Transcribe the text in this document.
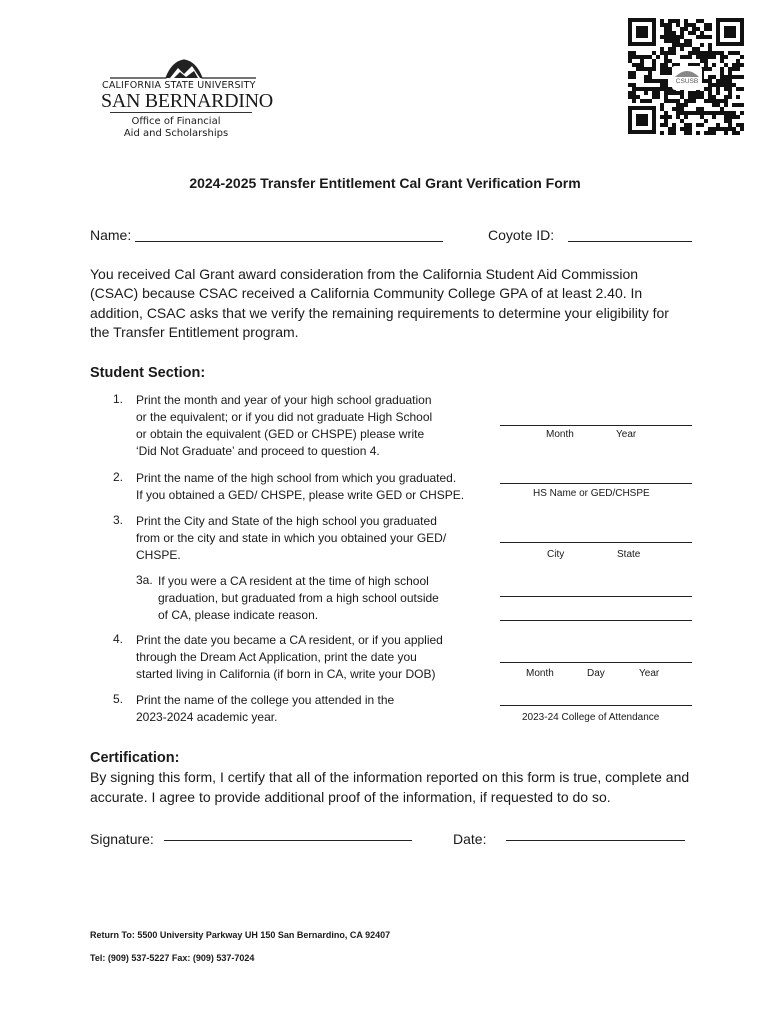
CALIFORNIA STATE UNIVERSITY
SAN BERNARDINO
Office of Financial
Aid and Scholarships
CSUSB
2024-2025 Transfer Entitlement Cal Grant Verification Form
Name:	Coyote ID:
You received Cal Grant award consideration from the California Student Aid Commission (CSAC) because CSAC received a California Community College GPA of at least 2.40. In addition, CSAC asks that we verify the remaining requirements to determine your eligibility for the Transfer Entitlement program.
Student Section:
1. Print the month and year of your high school graduation
or the equivalent; or if you did not graduate High School
or obtain the equivalent (GED or CHSPE) please write
‘Did Not Graduate’ and proceed to question 4.
Month	Year
2. Print the name of the high school from which you graduated.
If you obtained a GED/ CHSPE, please write GED or CHSPE.	HS Name or GED/CHSPE
3. Print the City and State of the high school you graduated
from or the city and state in which you obtained your GED/
CHSPE.	City	State
3a. If you were a CA resident at the time of high school
graduation, but graduated from a high school outside
of CA, please indicate reason.
4. Print the date you became a CA resident, or if you applied
through the Dream Act Application, print the date you
started living in California (if born in CA, write your DOB)	Month	Day	Year
5. Print the name of the college you attended in the
2023-2024 academic year.	2023-24 College of Attendance
Certification:
By signing this form, I certify that all of the information reported on this form is true, complete and accurate. I agree to provide additional proof of the information, if requested to do so.
Signature:	Date:
Return To: 5500 University Parkway UH 150 San Bernardino, CA 92407
Tel: (909) 537-5227 Fax: (909) 537-7024
